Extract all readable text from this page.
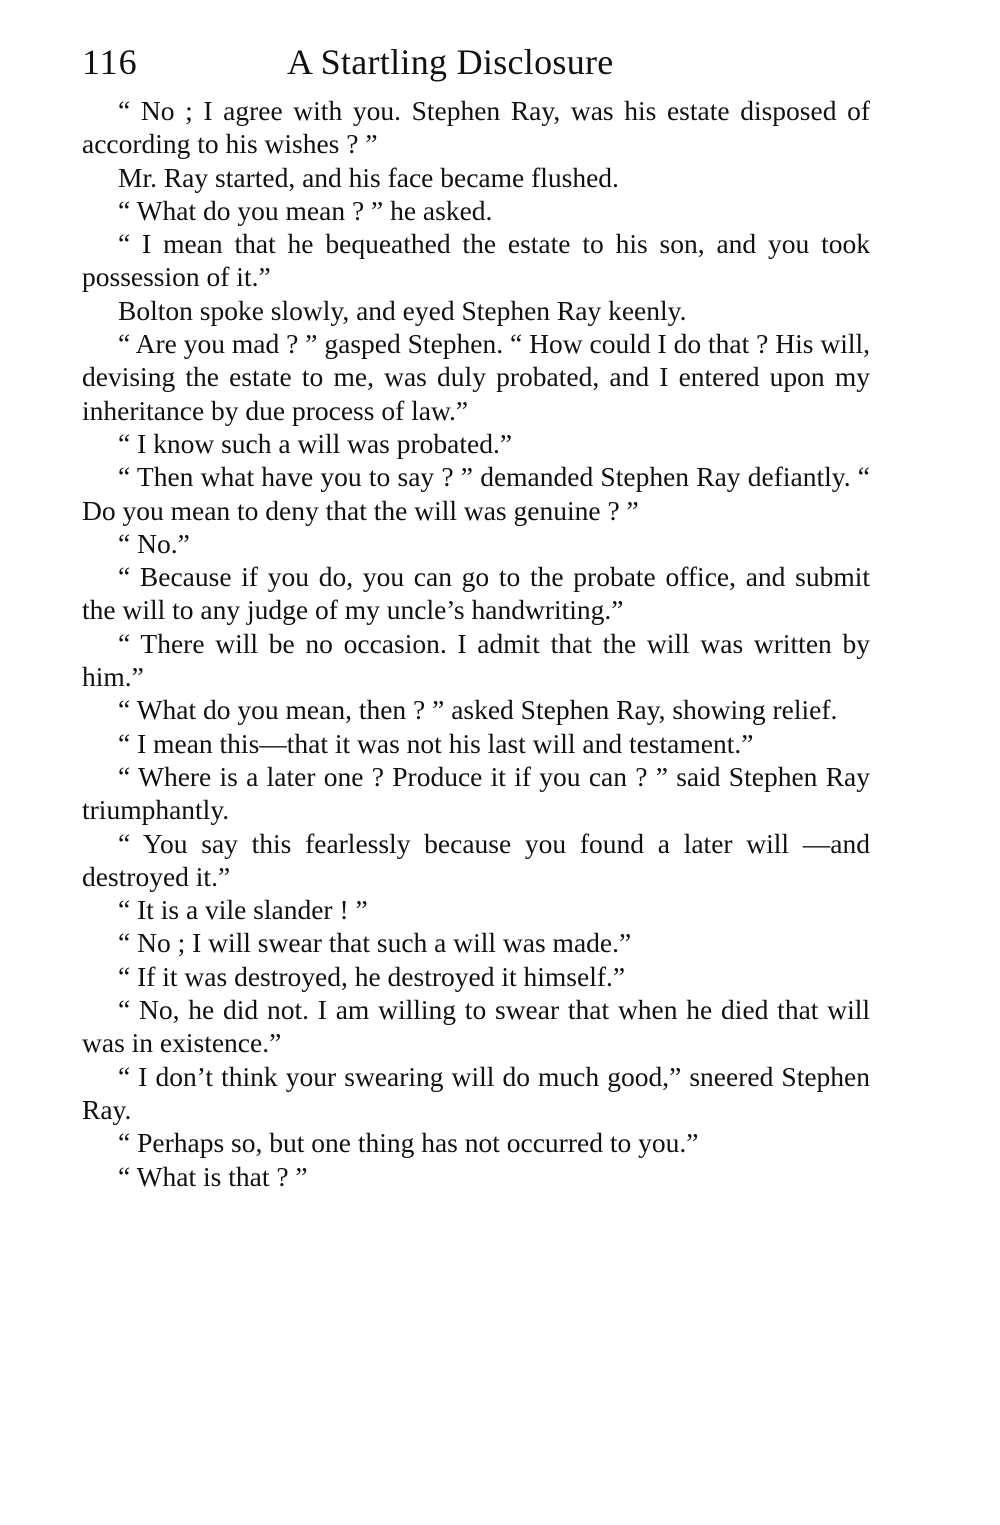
116	A Startling Disclosure

“ No ; I agree with you. Stephen Ray, was his estate disposed of according to his wishes ? ”

Mr. Ray started, and his face became flushed.

“ What do you mean ? ” he asked.

“ I mean that he bequeathed the estate to his son, and you took possession of it.”

Bolton spoke slowly, and eyed Stephen Ray keenly.

“ Are you mad ? ” gasped Stephen. “ How could I do that ? His will, devising the estate to me, was duly probated, and I entered upon my inheritance by due process of law.”

“ I know such a will was probated.”

“ Then what have you to say ? ” demanded Stephen Ray defiantly. “ Do you mean to deny that the will was genuine ? ”

“ No.”

“ Because if you do, you can go to the probate office, and submit the will to any judge of my uncle’s handwriting.”

“ There will be no occasion. I admit that the will was written by him.”

“ What do you mean, then ? ” asked Stephen Ray, showing relief.

“ I mean this—that it was not his last will and testament.”

“ Where is a later one ? Produce it if you can ? ” said Stephen Ray triumphantly.

“ You say this fearlessly because you found a later will —and destroyed it.”

“ It is a vile slander ! ”

“ No ; I will swear that such a will was made.”

“ If it was destroyed, he destroyed it himself.”

“ No, he did not. I am willing to swear that when he died that will was in existence.”

“ I don’t think your swearing will do much good,” sneered Stephen Ray.

“ Perhaps so, but one thing has not occurred to you.”

“ What is that ? ”
